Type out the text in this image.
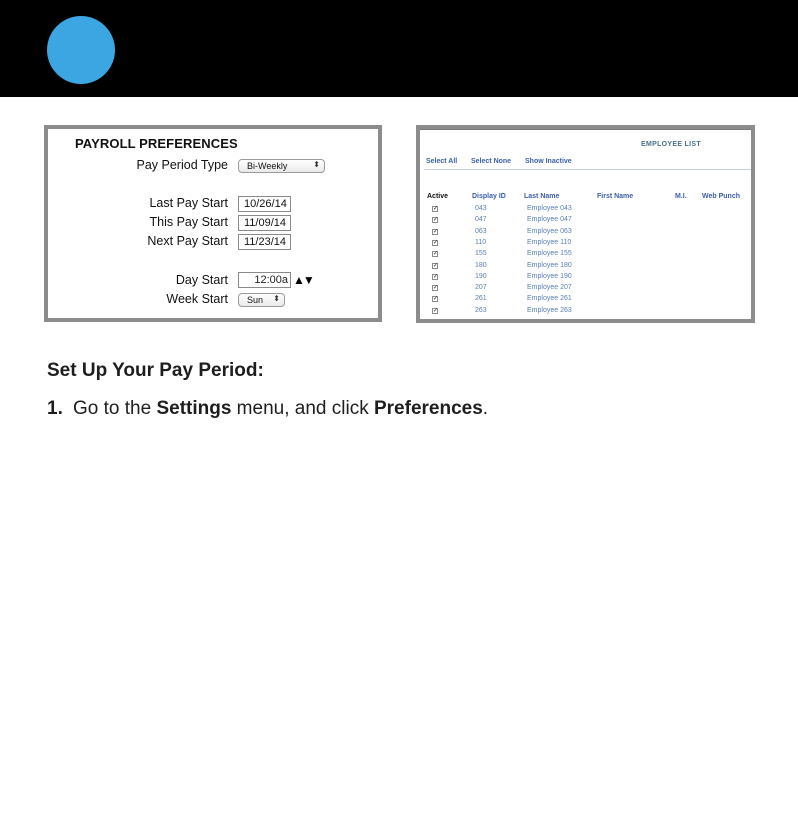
PAYROLL PREFERENCES
Pay Period Type	Bi-Weekly	⬍
Last Pay Start	10/26/14
This Pay Start	11/09/14
Next Pay Start	11/23/14
Day Start	12:00a ▲▼
Week Start	Sun ⬍
EMPLOYEE LIST
Select All Select None Show Inactive
Active	Display ID	Last Name	First Name	M.I. Web Punch
✓	043	Employee 043
✓	047	Employee 047
✓	063	Employee 063
✓	110	Employee 110
✓	155	Employee 155
✓	180	Employee 180
✓	190	Employee 190
✓	207	Employee 207
✓	261	Employee 261
✓	263	Employee 263
Set Up Your Pay Period:
1. Go to the Settings menu, and click Preferences.
